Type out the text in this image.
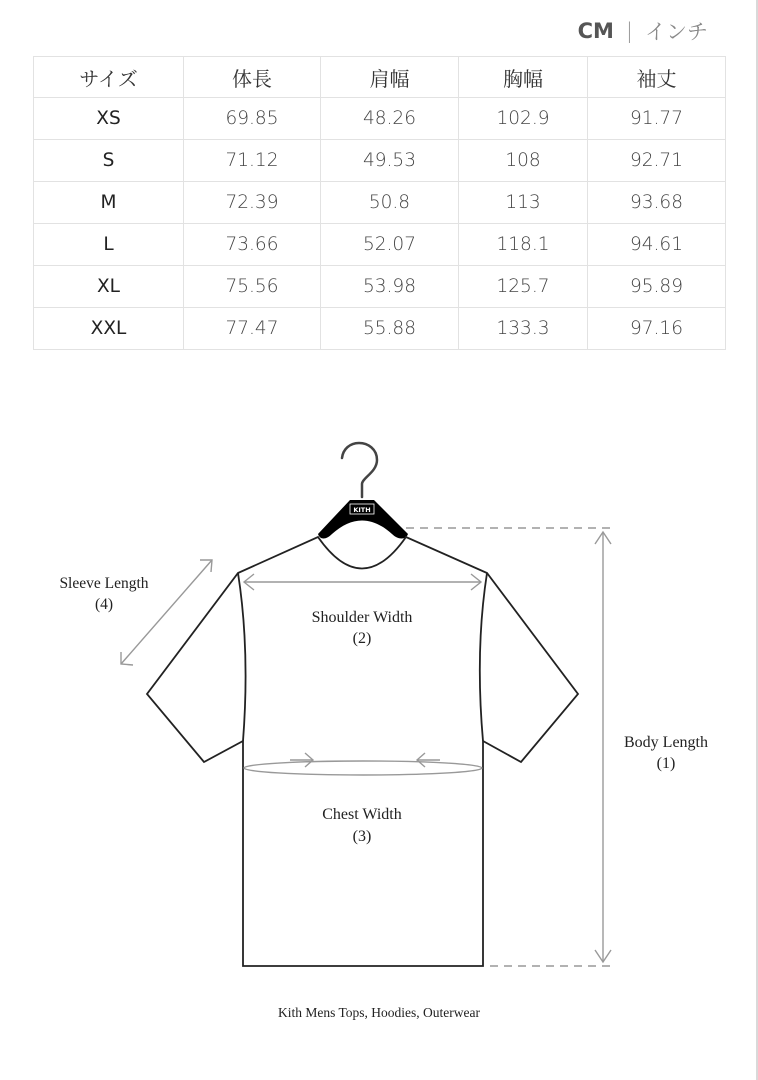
CM | インチ
サイズ	体長	肩幅	胸幅	袖丈
XS	69.85	48.26	102.9	91.77
S	71.12	49.53	108	92.71
M	72.39	50.8	113	93.68
L	73.66	52.07	118.1	94.61
XL	75.56	53.98	125.7	95.89
XXL	77.47	55.88	133.3	97.16
KITH
Sleeve Length
(4)
Shoulder Width
(2)
Chest Width
(3)
Body Length
(1)
Kith Mens Tops, Hoodies, Outerwear
